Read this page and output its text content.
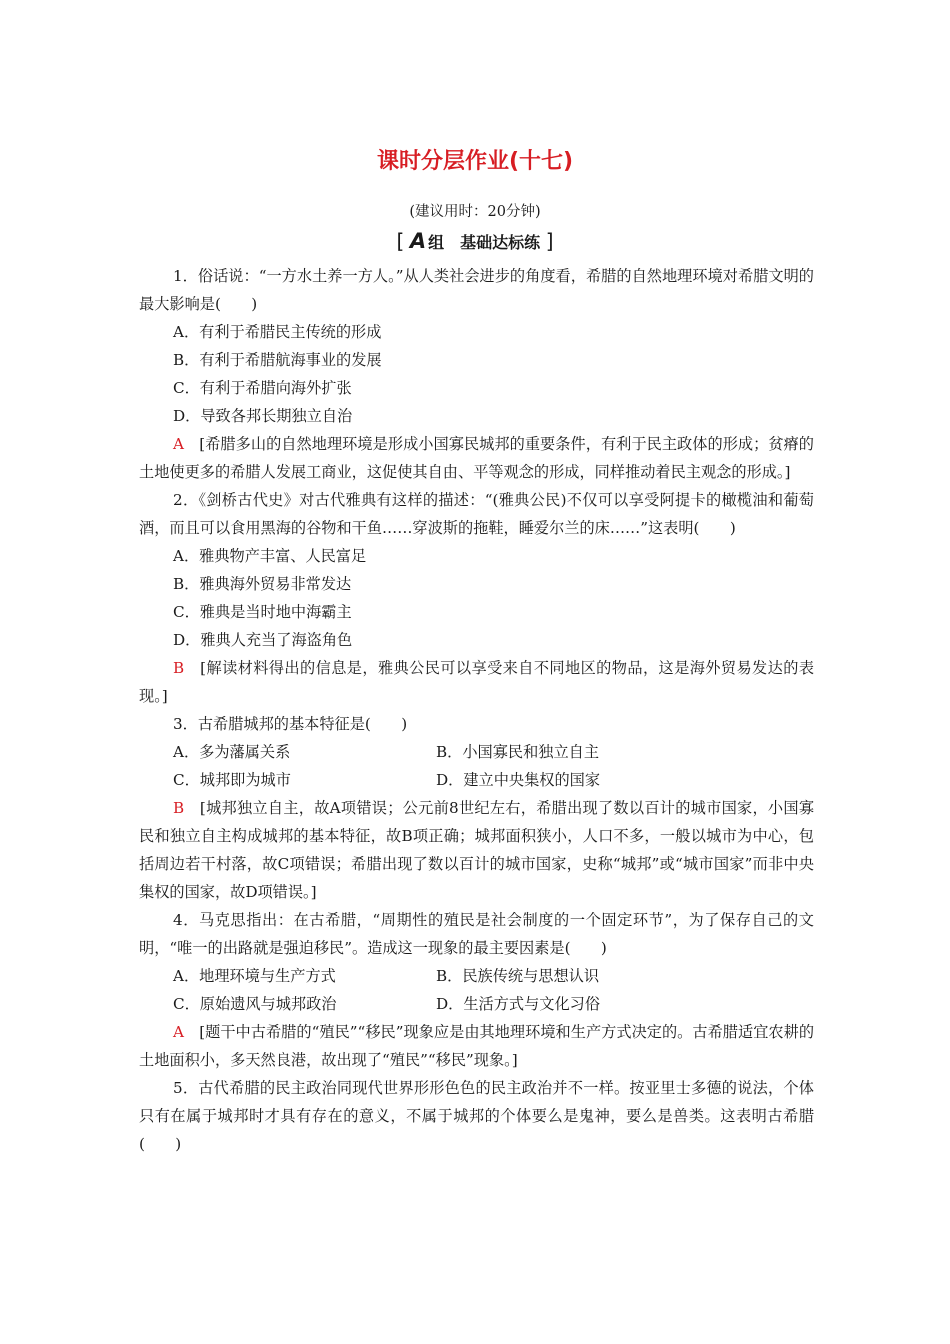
课时分层作业(十七)
(建议用时：20分钟)
[ A 组　基础达标练 ]

1．俗话说：“一方水土养一方人。”从人类社会进步的角度看，希腊的自然地理环境对希腊文明的最大影响是(　　)

A．有利于希腊民主传统的形成

B．有利于希腊航海事业的发展

C．有利于希腊向海外扩张

D．导致各邦长期独立自治

A　 [希腊多山的自然地理环境是形成小国寡民城邦的重要条件，有利于民主政体的形成；贫瘠的土地使更多的希腊人发展工商业，这促使其自由、平等观念的形成，同样推动着民主观念的形成。]

2．《剑桥古代史》对古代雅典有这样的描述：“(雅典公民)不仅可以享受阿提卡的橄榄油和葡萄酒，而且可以食用黑海的谷物和干鱼……穿波斯的拖鞋，睡爱尔兰的床……”这表明(　　)

A．雅典物产丰富、人民富足

B．雅典海外贸易非常发达

C．雅典是当时地中海霸主

D．雅典人充当了海盗角色

B　 [解读材料得出的信息是，雅典公民可以享受来自不同地区的物品，这是海外贸易发达的表现。]

3．古希腊城邦的基本特征是(　　)

A．多为藩属关系	B．小国寡民和独立自主
C．城邦即为城市	D．建立中央集权的国家

B　 [城邦独立自主，故A项错误；公元前8世纪左右，希腊出现了数以百计的城市国家，小国寡民和独立自主构成城邦的基本特征，故B项正确；城邦面积狭小，人口不多，一般以城市为中心，包括周边若干村落，故C项错误；希腊出现了数以百计的城市国家，史称“城邦”或“城市国家”而非中央集权的国家，故D项错误。]

4．马克思指出：在古希腊，“周期性的殖民是社会制度的一个固定环节”，为了保存自己的文明，“唯一的出路就是强迫移民”。造成这一现象的最主要因素是(　　)

A．地理环境与生产方式	B．民族传统与思想认识
C．原始遗风与城邦政治	D．生活方式与文化习俗

A　 [题干中古希腊的“殖民”“移民”现象应是由其地理环境和生产方式决定的。古希腊适宜农耕的土地面积小，多天然良港，故出现了“殖民”“移民”现象。]

5．古代希腊的民主政治同现代世界形形色色的民主政治并不一样。按亚里士多德的说法，个体只有在属于城邦时才具有存在的意义，不属于城邦的个体要么是鬼神，要么是兽类。这表明古希腊(　　)
